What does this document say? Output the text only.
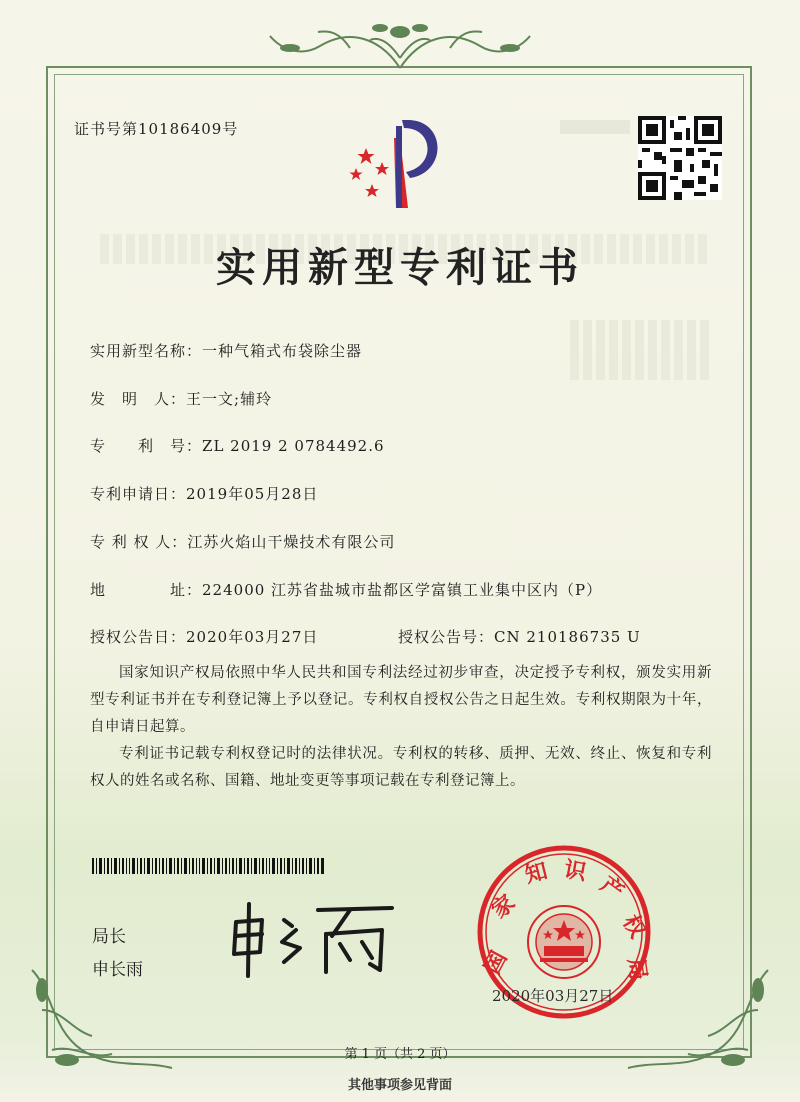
证书号第10186409号
实用新型专利证书
实用新型名称：一种气箱式布袋除尘器
发　明　人：王一文;辅玲
专　　利　号：ZL 2019 2 0784492.6
专利申请日：2019年05月28日
专 利 权 人：江苏火焰山干燥技术有限公司
地　　　　址：224000 江苏省盐城市盐都区学富镇工业集中区内（P）
授权公告日：2020年03月27日	授权公告号：CN 210186735 U

国家知识产权局依照中华人民共和国专利法经过初步审查，决定授予专利权，颁发实用新型专利证书并在专利登记簿上予以登记。专利权自授权公告之日起生效。专利权期限为十年，自申请日起算。

专利证书记载专利权登记时的法律状况。专利权的转移、质押、无效、终止、恢复和专利权人的姓名或名称、国籍、地址变更等事项记载在专利登记簿上。

局长
申长雨	国
家
知 识
产
权
局
2020年03月27日
第 1 页（共 2 页）
其他事项参见背面
